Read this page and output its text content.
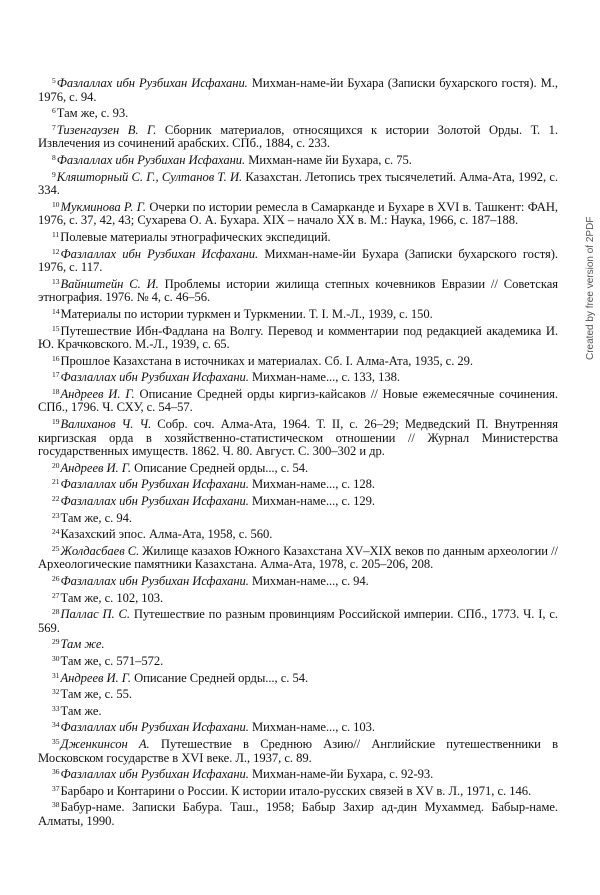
$^5$Фазлаллах ибн Рузбихан Исфахани. Михман-наме-йи Бухара (Записки бухарского гостя). М., 1976, с. 94.

$^6$Там же, с. 93.

$^7$Тизенгаузен В. Г. Сборник материалов, относящихся к истории Золотой Орды. Т. 1. Извлечения из сочинений арабских. СПб., 1884, с. 233.

$^8$Фазлаллах ибн Рузбихан Исфахани. Михман-наме йи Бухара, с. 75.

$^9$Кляшторный С. Г., Султанов Т. И. Казахстан. Летопись трех тысячелетий. Алма-Ата, 1992, с. 334.

$^{10}$Мукминова Р. Г. Очерки по истории ремесла в Самарканде и Бухаре в XVI в. Ташкент: ФАН, 1976, с. 37, 42, 43; Сухарева О. А. Бухара. XIX – начало XX в. М.: Наука, 1966, с. 187–188.

$^{11}$Полевые материалы этнографических экспедиций.

$^{12}$Фазлаллах ибн Рузбихан Исфахани. Михман-наме-йи Бухара (Записки бухарского гостя). 1976, с. 117.

$^{13}$Вайнштейн С. И. Проблемы истории жилища степных кочевников Евразии // Советская этнография. 1976. № 4, с. 46–56.

$^{14}$Материалы по истории туркмен и Туркмении. Т. I. М.-Л., 1939, с. 150.

$^{15}$Путешествие Ибн-Фадлана на Волгу. Перевод и комментарии под редакцией академика И. Ю. Крачковского. М.-Л., 1939, с. 65.

$^{16}$Прошлое Казахстана в источниках и материалах. Сб. I. Алма-Ата, 1935, с. 29.

$^{17}$Фазлаллах ибн Рузбихан Исфахани. Михман-наме..., с. 133, 138.

$^{18}$Андреев И. Г. Описание Средней орды киргиз-кайсаков // Новые ежемесячные сочинения. СПб., 1796. Ч. СХУ, с. 54–57.

$^{19}$Валиханов Ч. Ч. Собр. соч. Алма-Ата, 1964. Т. II, с. 26–29; Медведский П. Внутренняя киргизская орда в хозяйственно-статистическом отношении // Журнал Министерства государственных имуществ. 1862. Ч. 80. Август. С. 300–302 и др.

$^{20}$Андреев И. Г. Описание Средней орды..., с. 54.

$^{21}$Фазлаллах ибн Рузбихан Исфахани. Михман-наме..., с. 128.

$^{22}$Фазлаллах ибн Рузбихан Исфахани. Михман-наме..., с. 129.

$^{23}$Там же, с. 94.

$^{24}$Казахский эпос. Алма-Ата, 1958, с. 560.

$^{25}$Жолдасбаев С. Жилище казахов Южного Казахстана XV–XIX веков по данным археологии // Археологические памятники Казахстана. Алма-Ата, 1978, с. 205–206, 208.

$^{26}$Фазлаллах ибн Рузбихан Исфахани. Михман-наме..., с. 94.

$^{27}$Там же, с. 102, 103.

$^{28}$Паллас П. С. Путешествие по разным провинциям Российской империи. СПб., 1773. Ч. I, с. 569.

$^{29}$Там же.

$^{30}$Там же, с. 571–572.

$^{31}$Андреев И. Г. Описание Средней орды..., с. 54.

$^{32}$Там же, с. 55.

$^{33}$Там же.

$^{34}$Фазлаллах ибн Рузбихан Исфахани. Михман-наме..., с. 103.

$^{35}$Дженкинсон А. Путешествие в Среднюю Азию// Английские путешественники в Московском государстве в XVI веке. Л., 1937, с. 89.

$^{36}$Фазлаллах ибн Рузбихан Исфахани. Михман-наме-йи Бухара, с. 92-93.

$^{37}$Барбаро и Контарини о России. К истории итало-русских связей в XV в. Л., 1971, с. 146.

$^{38}$Бабур-наме. Записки Бабура. Таш., 1958; Бабыр Захир ад-дин Мухаммед. Бабыр-наме. Алматы, 1990.

Created by free version of 2PDF
